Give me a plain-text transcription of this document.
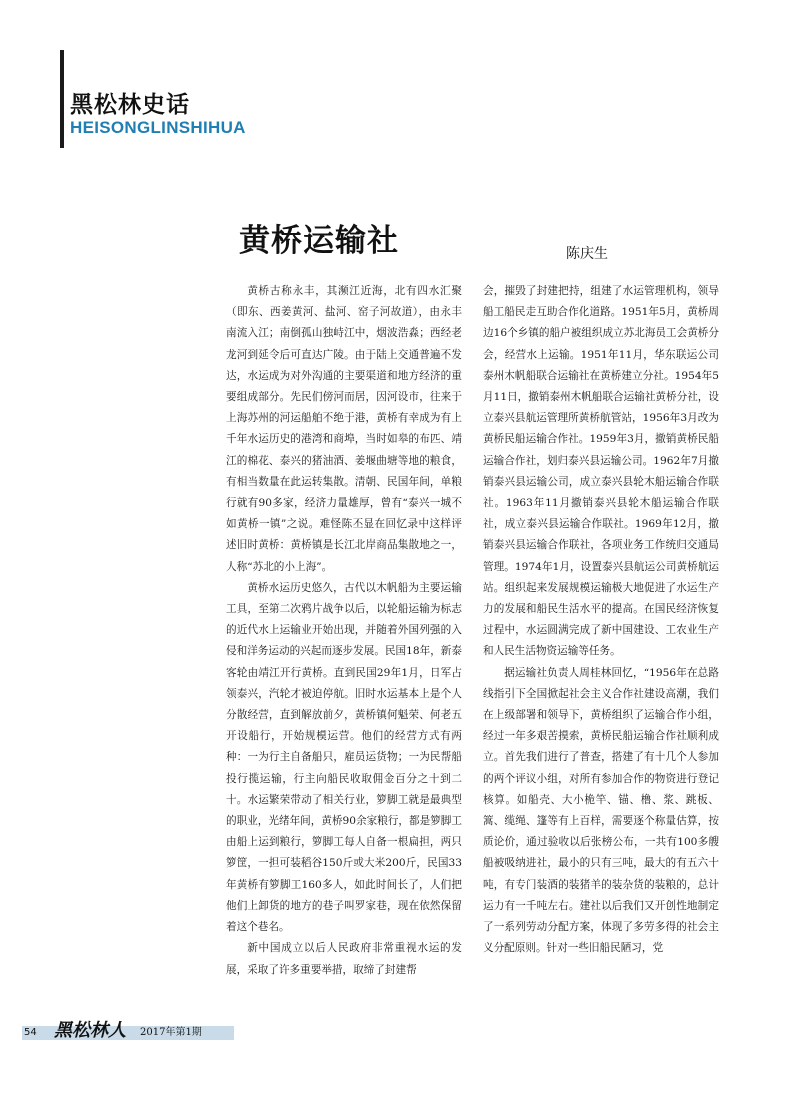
黑松林史话
HEISONGLINSHIHUA
黄桥运输社	陈庆生

黄桥古称永丰，其濒江近海，北有四水汇聚（即东、西姜黄河、盐河、窑子河故道），由永丰南流入江；南倒孤山独峙江中，烟波浩淼；西经老龙河到延令后可直达广陵。由于陆上交通普遍不发达，水运成为对外沟通的主要渠道和地方经济的重要组成部分。先民们傍河而居，因河设市，往来于上海苏州的河运船舶不绝于港，黄桥有幸成为有上千年水运历史的港湾和商埠，当时如皋的布匹、靖江的棉花、泰兴的猪油酒、姜堰曲塘等地的粮食，有相当数量在此运转集散。清朝、民国年间，单粮行就有90多家，经济力量雄厚，曾有“泰兴一城不如黄桥一镇”之说。难怪陈丕显在回忆录中这样评述旧时黄桥：黄桥镇是长江北岸商品集散地之一，人称“苏北的小上海”。

黄桥水运历史悠久，古代以木帆船为主要运输工具，至第二次鸦片战争以后，以轮船运输为标志的近代水上运输业开始出现，并随着外国列强的入侵和洋务运动的兴起而逐步发展。民国18年，新泰客轮由靖江开行黄桥。直到民国29年1月，日军占领泰兴，汽轮才被迫停航。旧时水运基本上是个人分散经营，直到解放前夕，黄桥镇何魁荣、何老五开设船行，开始规模运营。他们的经营方式有两种：一为行主自备船只，雇员运货物；一为民帮船投行揽运输，行主向船民收取佣金百分之十到二十。水运繁荣带动了相关行业，箩脚工就是最典型的职业，光绪年间，黄桥90余家粮行，都是箩脚工由船上运到粮行，箩脚工每人自备一根扁担，两只箩筐，一担可装稻谷150斤或大米200斤，民国33年黄桥有箩脚工160多人，如此时间长了，人们把他们上卸货的地方的巷子叫罗家巷，现在依然保留着这个巷名。

新中国成立以后人民政府非常重视水运的发展，采取了许多重要举措，取缔了封建帮

会，摧毁了封建把持，组建了水运管理机构，领导船工船民走互助合作化道路。1951年5月，黄桥周边16个乡镇的船户被组织成立苏北海员工会黄桥分会，经营水上运输。1951年11月，华东联运公司泰州木帆船联合运输社在黄桥建立分社。1954年5月11日，撤销泰州木帆船联合运输社黄桥分社，设立泰兴县航运管理所黄桥航管站，1956年3月改为黄桥民船运输合作社。1959年3月，撤销黄桥民船运输合作社，划归泰兴县运输公司。1962年7月撤销泰兴县运输公司，成立泰兴县轮木船运输合作联社。1963年11月撤销泰兴县轮木船运输合作联社，成立泰兴县运输合作联社。1969年12月，撤销泰兴县运输合作联社，各项业务工作统归交通局管理。1974年1月，设置泰兴县航运公司黄桥航运站。组织起来发展规模运输极大地促进了水运生产力的发展和船民生活水平的提高。在国民经济恢复过程中，水运圆满完成了新中国建设、工农业生产和人民生活物资运输等任务。

据运输社负责人周桂林回忆，“1956年在总路线指引下全国掀起社会主义合作社建设高潮，我们在上级部署和领导下，黄桥组织了运输合作小组，经过一年多艰苦摸索，黄桥民船运输合作社顺利成立。首先我们进行了普查，搭建了有十几个人参加的两个评议小组，对所有参加合作的物资进行登记核算。如船壳、大小桅竿、锚、橹、浆、跳板、篙、缆绳、篷等有上百样，需要逐个称量估算，按质论价，通过验收以后张榜公布，一共有100多艘船被吸纳进社，最小的只有三吨，最大的有五六十吨，有专门装酒的装猪羊的装杂货的装粮的，总计运力有一千吨左右。建社以后我们又开创性地制定了一系列劳动分配方案，体现了多劳多得的社会主义分配原则。针对一些旧船民陋习，党

54 黑松林人 2017年第1期
